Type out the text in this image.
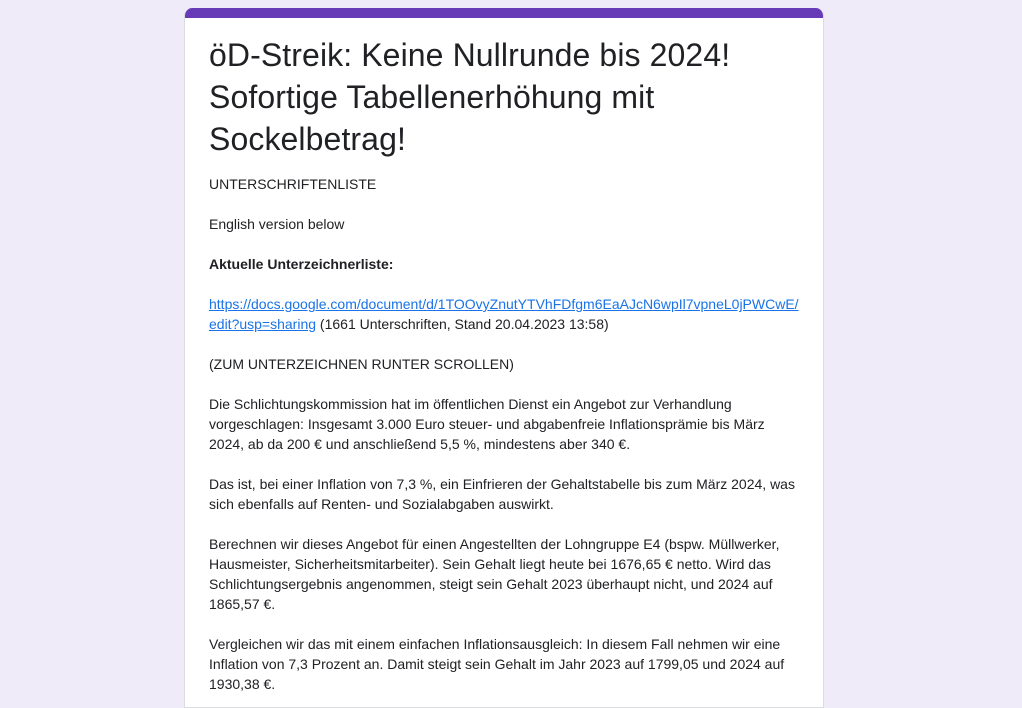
öD-Streik: Keine Nullrunde bis 2024! Sofortige Tabellenerhöhung mit Sockelbetrag!

UNTERSCHRIFTENLISTE

English version below

Aktuelle Unterzeichnerliste:

https://docs.google.com/document/d/1TOOvyZnutYTVhFDfgm6EaAJcN6wpIl7vpneL0jPWCwE/edit?usp=sharing (1661 Unterschriften, Stand 20.04.2023 13:58)

(ZUM UNTERZEICHNEN RUNTER SCROLLEN)

Die Schlichtungskommission hat im öffentlichen Dienst ein Angebot zur Verhandlung vorgeschlagen: Insgesamt 3.000 Euro steuer- und abgabenfreie Inflationsprämie bis März 2024, ab da 200 € und anschließend 5,5 %, mindestens aber 340 €.

Das ist, bei einer Inflation von 7,3 %, ein Einfrieren der Gehaltstabelle bis zum März 2024, was sich ebenfalls auf Renten- und Sozialabgaben auswirkt.

Berechnen wir dieses Angebot für einen Angestellten der Lohngruppe E4 (bspw. Müllwerker, Hausmeister, Sicherheitsmitarbeiter). Sein Gehalt liegt heute bei 1676,65 € netto. Wird das Schlichtungsergebnis angenommen, steigt sein Gehalt 2023 überhaupt nicht, und 2024 auf 1865,57 €.

Vergleichen wir das mit einem einfachen Inflationsausgleich: In diesem Fall nehmen wir eine Inflation von 7,3 Prozent an. Damit steigt sein Gehalt im Jahr 2023 auf 1799,05 und 2024 auf 1930,38 €.
